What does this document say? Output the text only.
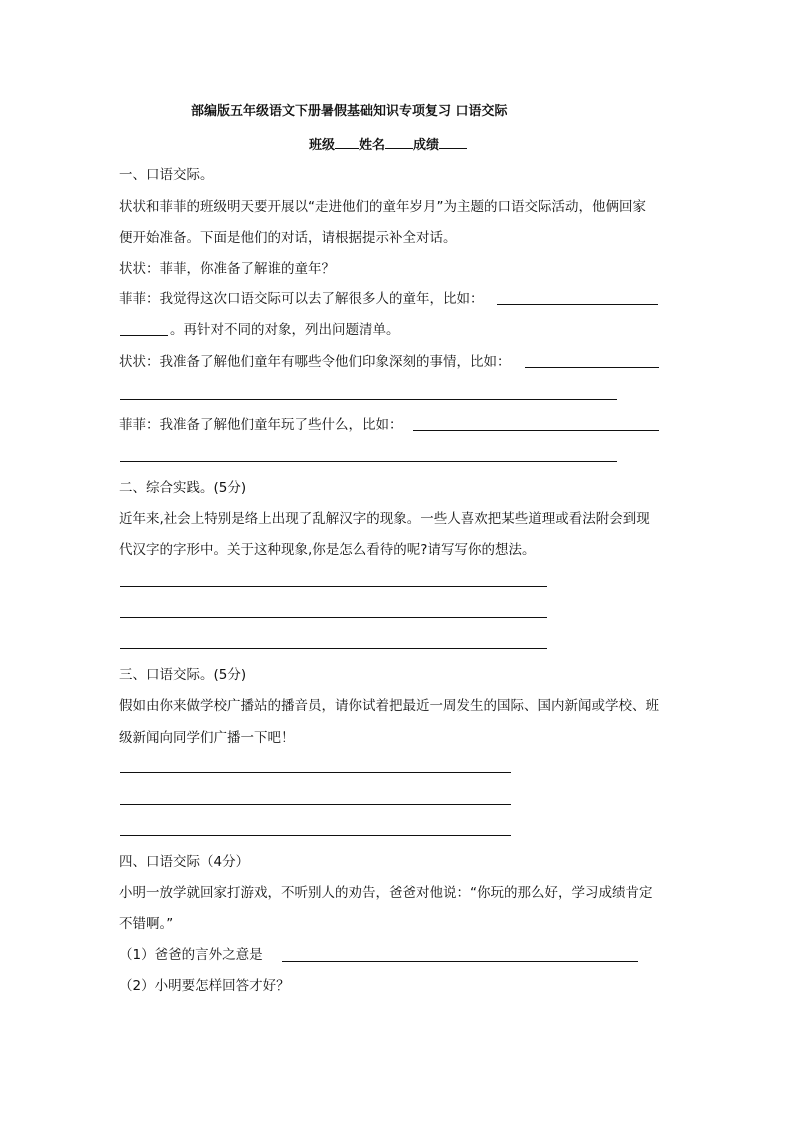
部编版五年级语文下册暑假基础知识专项复习 口语交际
班级 姓名 成绩
一、口语交际。
状状和菲菲的班级明天要开展以“走进他们的童年岁月”为主题的口语交际活动，他俩回家
便开始准备。下面是他们的对话，请根据提示补全对话。
状状：菲菲，你准备了解谁的童年？
菲菲：我觉得这次口语交际可以去了解很多人的童年，比如：
。再针对不同的对象，列出问题清单。
状状：我准备了解他们童年有哪些令他们印象深刻的事情，比如：
菲菲：我准备了解他们童年玩了些什么，比如：
二、综合实践。(5分)
近年来,社会上特别是络上出现了乱解汉字的现象。一些人喜欢把某些道理或看法附会到现
代汉字的字形中。关于这种现象,你是怎么看待的呢?请写写你的想法。
三、口语交际。(5分)
假如由你来做学校广播站的播音员，请你试着把最近一周发生的国际、国内新闻或学校、班
级新闻向同学们广播一下吧！
四、口语交际（4分）
小明一放学就回家打游戏，不听别人的劝告，爸爸对他说：“你玩的那么好，学习成绩肯定
不错啊。”
（1）爸爸的言外之意是
（2）小明要怎样回答才好？
